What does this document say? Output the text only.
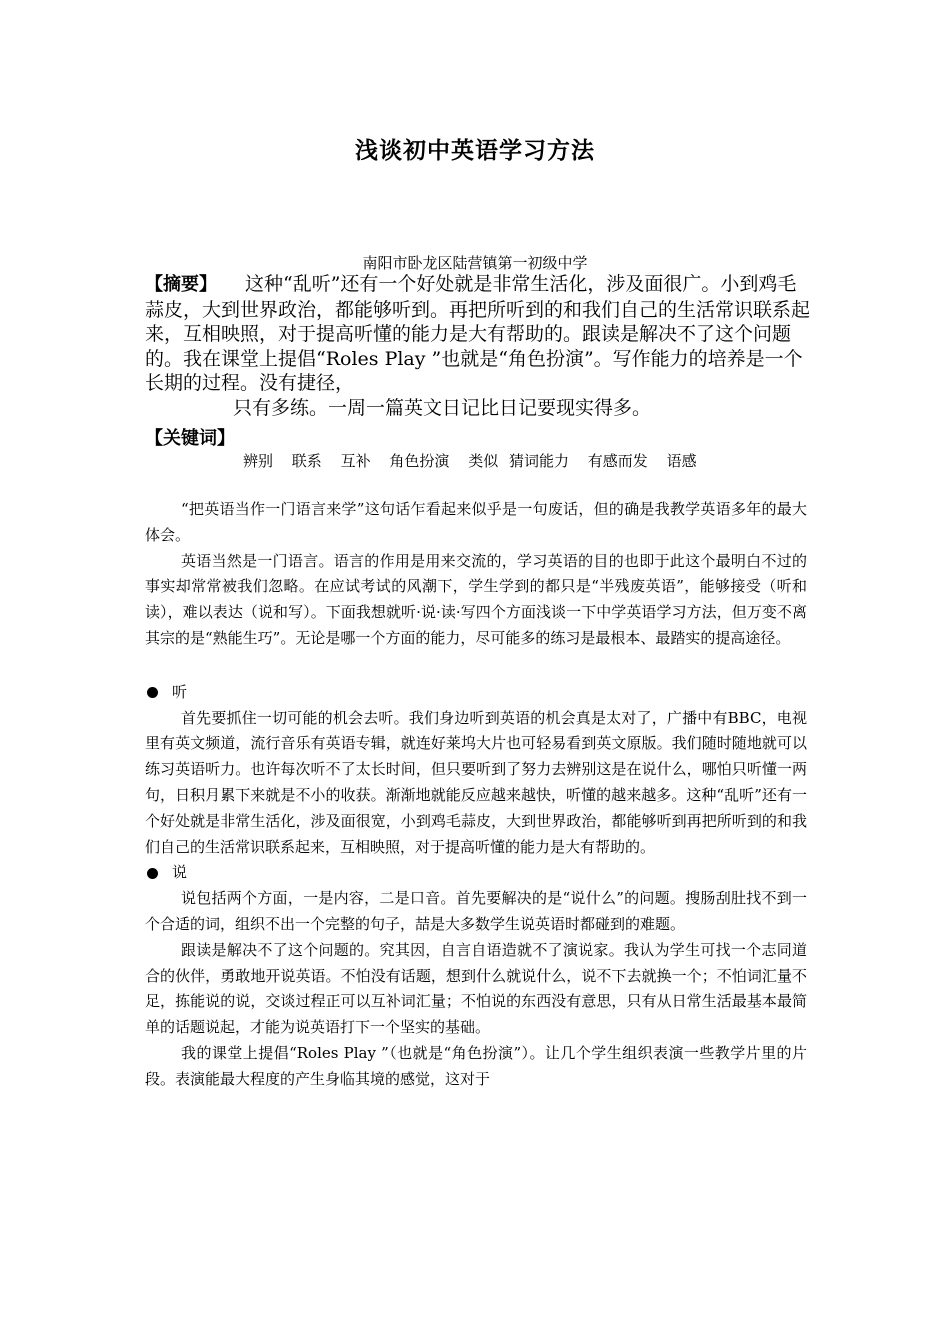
浅谈初中英语学习方法
南阳市卧龙区陆营镇第一初级中学

【摘要】 这种“乱听”还有一个好处就是非常生活化，涉及面很广。小到鸡毛蒜皮，大到世界政治，都能够听到。再把所听到的和我们自己的生活常识联系起来，互相映照，对于提高听懂的能力是大有帮助的。跟读是解决不了这个问题的。我在课堂上提倡“Roles Play ”也就是“角色扮演”。写作能力的培养是一个长期的过程。没有捷径，
只有多练。一周一篇英文日记比日记要现实得多。

【关键词】
辨别 联系 互补 角色扮演 类似 猜词能力 有感而发 语感

“把英语当作一门语言来学”这句话乍看起来似乎是一句废话，但的确是我教学英语多年的最大体会。

英语当然是一门语言。语言的作用是用来交流的，学习英语的目的也即于此这个最明白不过的事实却常常被我们忽略。在应试考试的风潮下，学生学到的都只是“半残废英语”，能够接受（听和读），难以表达（说和写）。下面我想就听·说·读·写四个方面浅谈一下中学英语学习方法，但万变不离其宗的是“熟能生巧”。无论是哪一个方面的能力，尽可能多的练习是最根本、最踏实的提高途径。

听

首先要抓住一切可能的机会去听。我们身边听到英语的机会真是太对了，广播中有BBC，电视里有英文频道，流行音乐有英语专辑，就连好莱坞大片也可轻易看到英文原版。我们随时随地就可以练习英语听力。也许每次听不了太长时间，但只要听到了努力去辨别这是在说什么，哪怕只听懂一两句，日积月累下来就是不小的收获。渐渐地就能反应越来越快，听懂的越来越多。这种“乱听”还有一个好处就是非常生活化，涉及面很宽，小到鸡毛蒜皮，大到世界政治，都能够听到再把所听到的和我们自己的生活常识联系起来，互相映照，对于提高听懂的能力是大有帮助的。

说

说包括两个方面，一是内容，二是口音。首先要解决的是“说什么”的问题。搜肠刮肚找不到一个合适的词，组织不出一个完整的句子，喆是大多数学生说英语时都碰到的难题。

跟读是解决不了这个问题的。究其因，自言自语造就不了演说家。我认为学生可找一个志同道合的伙伴，勇敢地开说英语。不怕没有话题，想到什么就说什么，说不下去就换一个；不怕词汇量不足，拣能说的说，交谈过程正可以互补词汇量；不怕说的东西没有意思，只有从日常生活最基本最简单的话题说起，才能为说英语打下一个坚实的基础。

我的课堂上提倡“Roles Play ”（也就是“角色扮演”）。让几个学生组织表演一些教学片里的片段。表演能最大程度的产生身临其境的感觉，这对于
